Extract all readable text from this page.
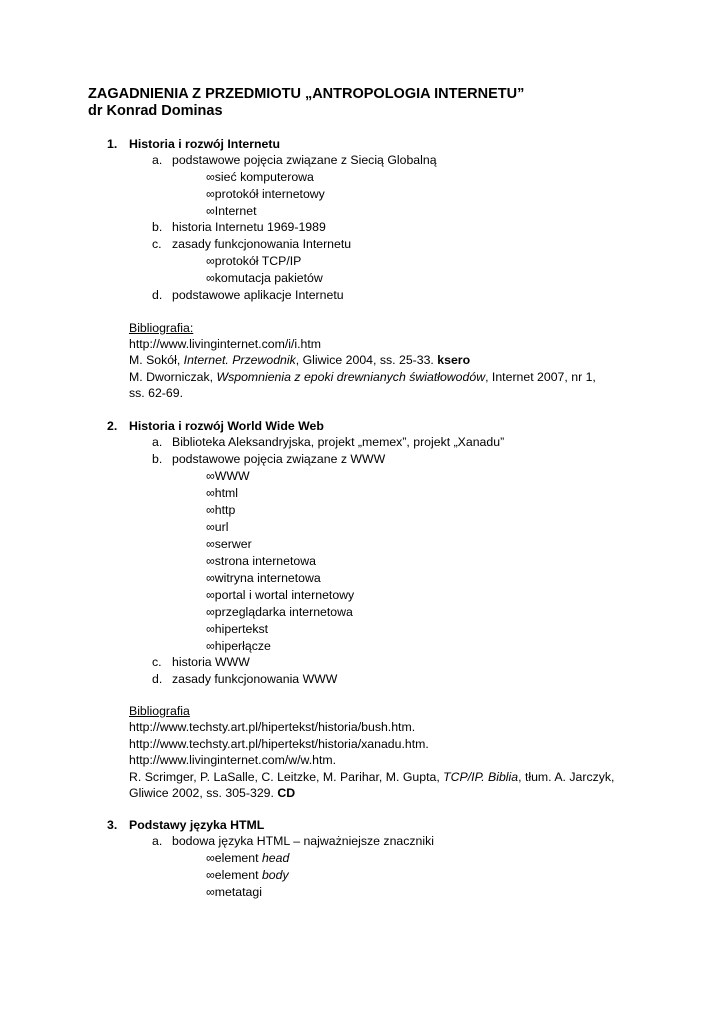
ZAGADNIENIA Z PRZEDMIOTU „ANTROPOLOGIA INTERNETU”
dr Konrad Dominas
1. Historia i rozwój Internetu
a. podstawowe pojęcia związane z Siecią Globalną
∞sieć komputerowa
∞protokół internetowy
∞Internet
b. historia Internetu 1969-1989
c. zasady funkcjonowania Internetu
∞protokół TCP/IP
∞komutacja pakietów
d. podstawowe aplikacje Internetu
Bibliografia:
http://www.livinginternet.com/i/i.htm
M. Sokół, Internet. Przewodnik, Gliwice 2004, ss. 25-33. ksero
M. Dworniczak, Wspomnienia z epoki drewnianych światłowodów, Internet 2007, nr 1,
ss. 62-69.
2. Historia i rozwój World Wide Web
a. Biblioteka Aleksandryjska, projekt „memex”, projekt „Xanadu”
b. podstawowe pojęcia związane z WWW
∞WWW
∞html
∞http
∞url
∞serwer
∞strona internetowa
∞witryna internetowa
∞portal i wortal internetowy
∞przeglądarka internetowa
∞hipertekst
∞hiperłącze
c. historia WWW
d. zasady funkcjonowania WWW
Bibliografia
http://www.techsty.art.pl/hipertekst/historia/bush.htm.
http://www.techsty.art.pl/hipertekst/historia/xanadu.htm.
http://www.livinginternet.com/w/w.htm.
R. Scrimger, P. LaSalle, C. Leitzke, M. Parihar, M. Gupta, TCP/IP. Biblia, tłum. A. Jarczyk,
Gliwice 2002, ss. 305-329. CD
3. Podstawy języka HTML
a. bodowa języka HTML – najważniejsze znaczniki
∞element head
∞element body
∞metatagi
